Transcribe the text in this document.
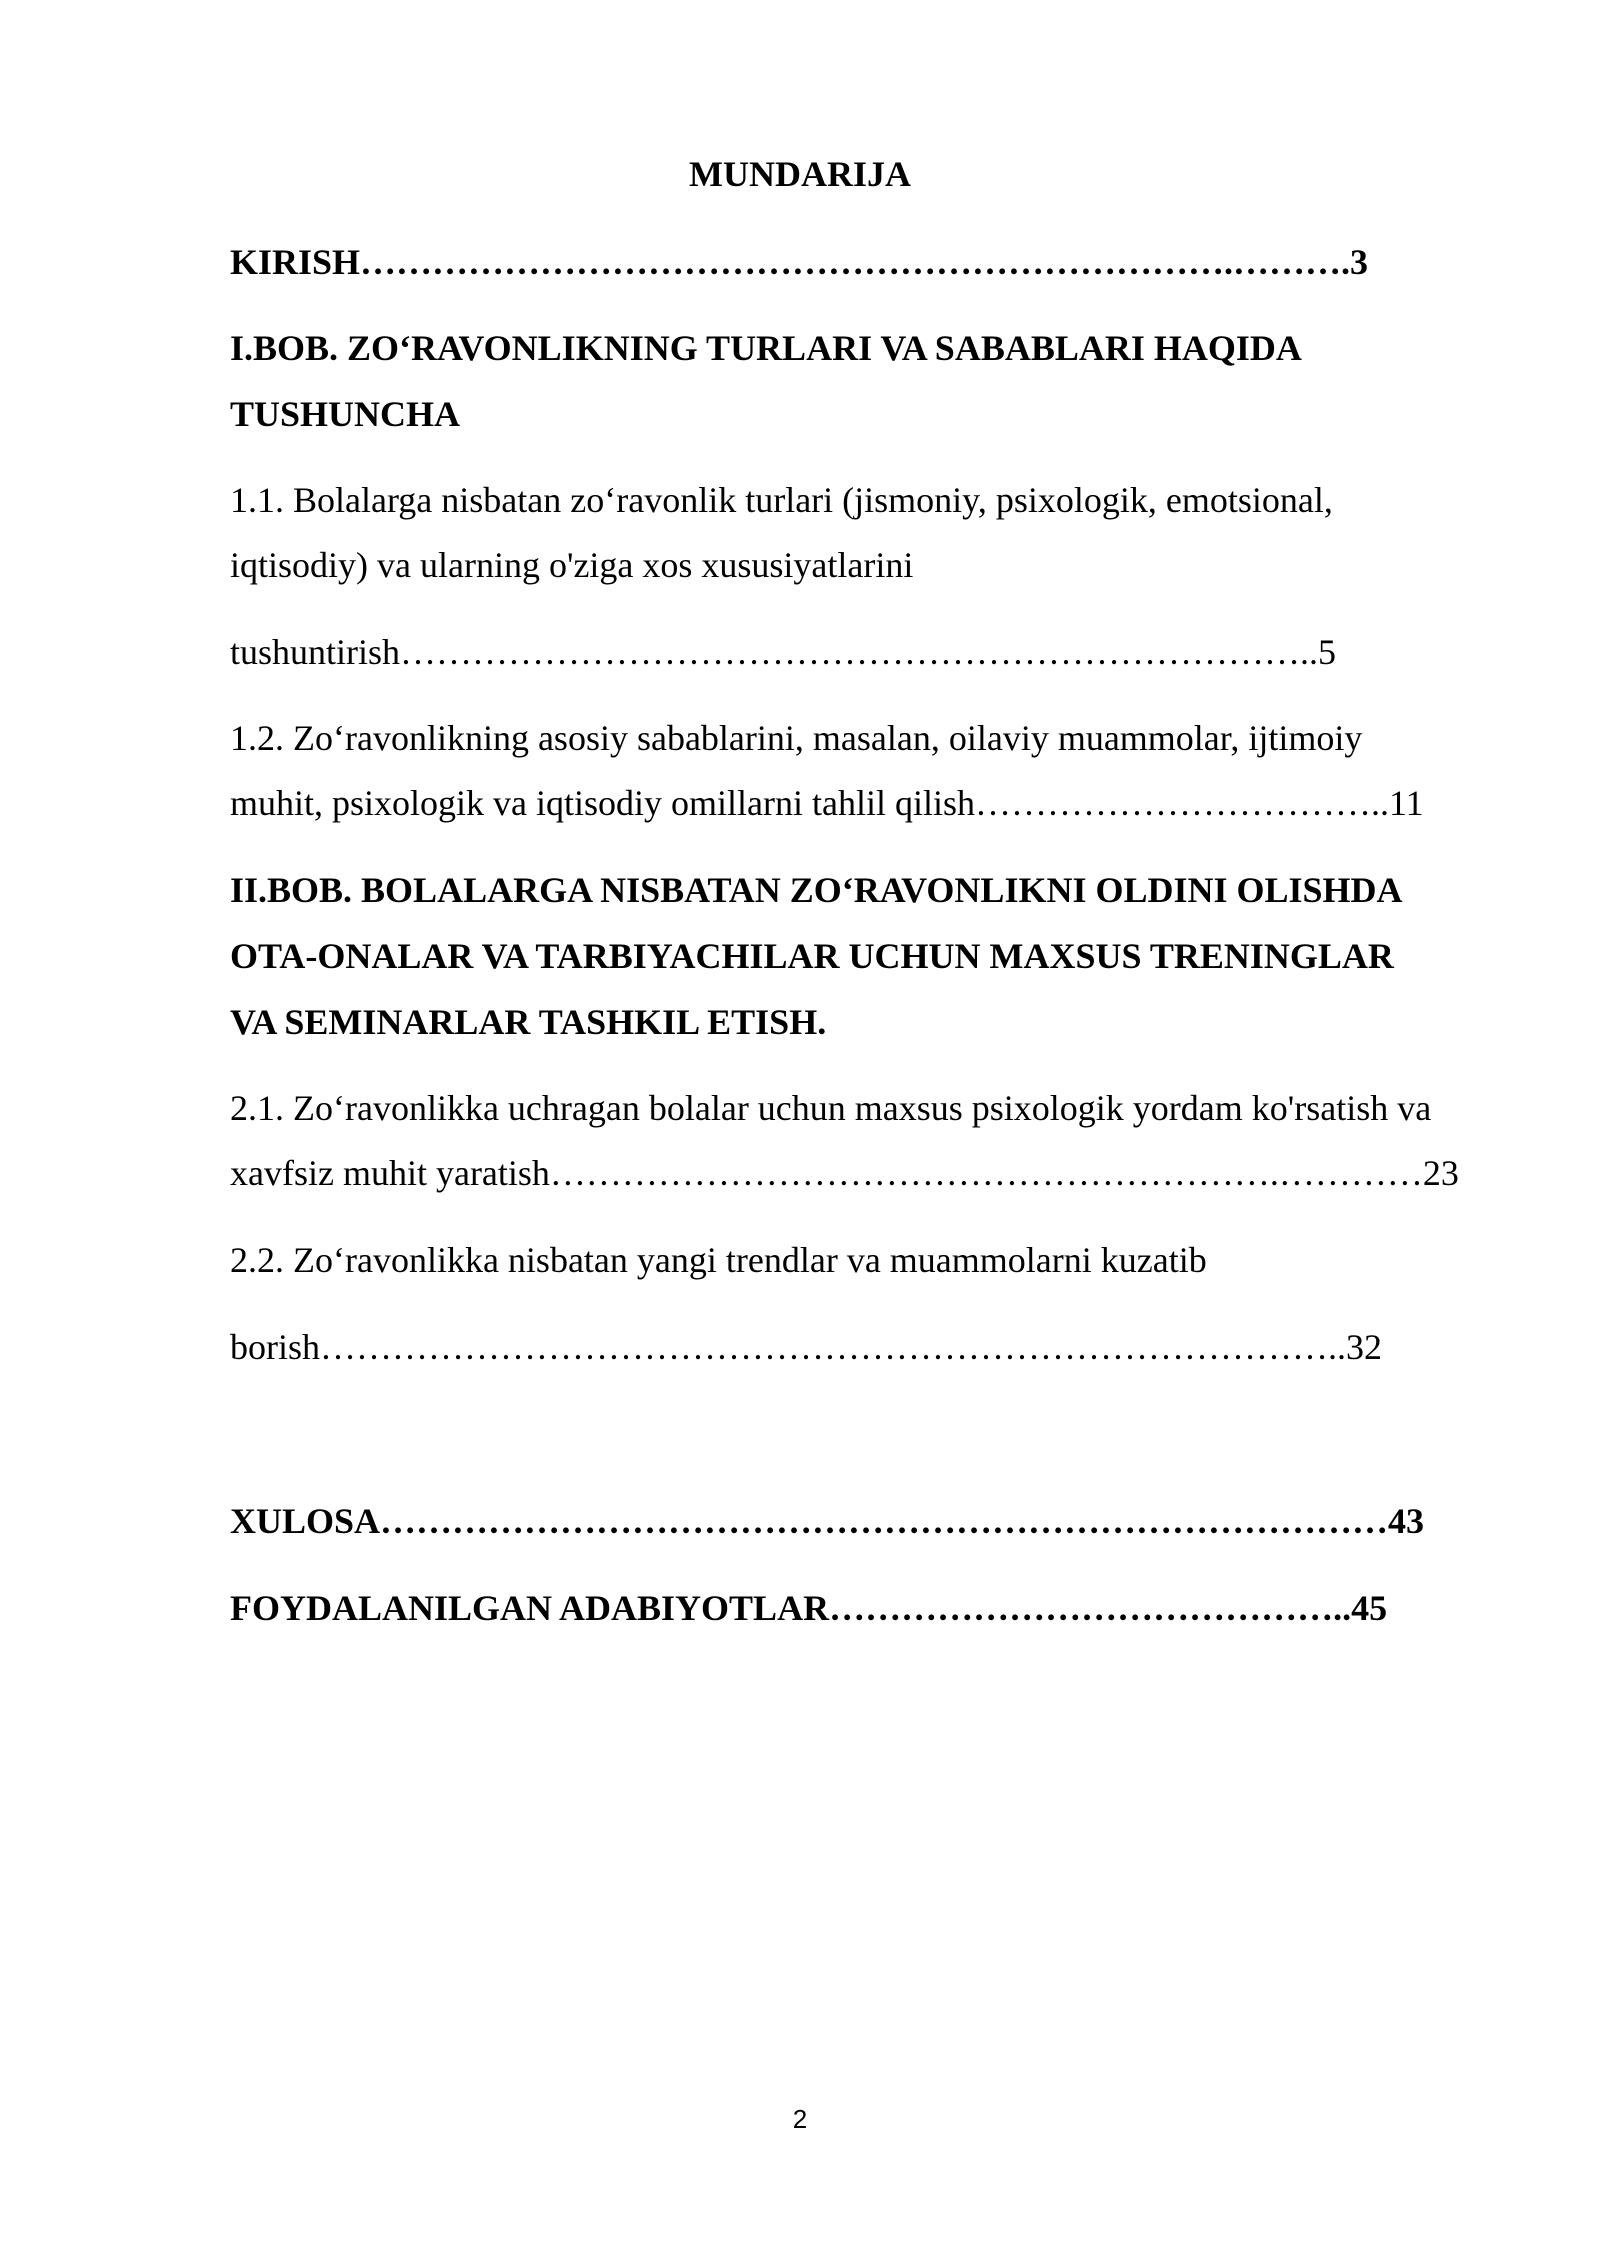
MUNDARIJA
KIRISH……………………………………………………………….……….3
I.BOB. ZO‘RAVONLIKNING TURLARI VA SABABLARI HAQIDA
TUSHUNCHA
1.1. Bolalarga nisbatan zo‘ravonlik turlari (jismoniy, psixologik, emotsional,
iqtisodiy) va ularning o'ziga xos xususiyatlarini
tushuntirish…………………………………………………………………..5
1.2. Zo‘ravonlikning asosiy sabablarini, masalan, oilaviy muammolar, ijtimoiy
muhit, psixologik va iqtisodiy omillarni tahlil qilish……………………………..11
II.BOB. BOLALARGA NISBATAN ZO‘RAVONLIKNI OLDINI OLISHDA
OTA-ONALAR VA TARBIYACHILAR UCHUN MAXSUS TRENINGLAR
VA SEMINARLAR TASHKIL ETISH.
2.1. Zo‘ravonlikka uchragan bolalar uchun maxsus psixologik yordam ko'rsatish va
xavfsiz muhit yaratish…………………………………………………….…………23
2.2. Zo‘ravonlikka nisbatan yangi trendlar va muammolarni kuzatib
borish…………………………………………………………………………..32
XULOSA…………………………………………………………………………43
FOYDALANILGAN ADABIYOTLAR……………………………………..45
2
